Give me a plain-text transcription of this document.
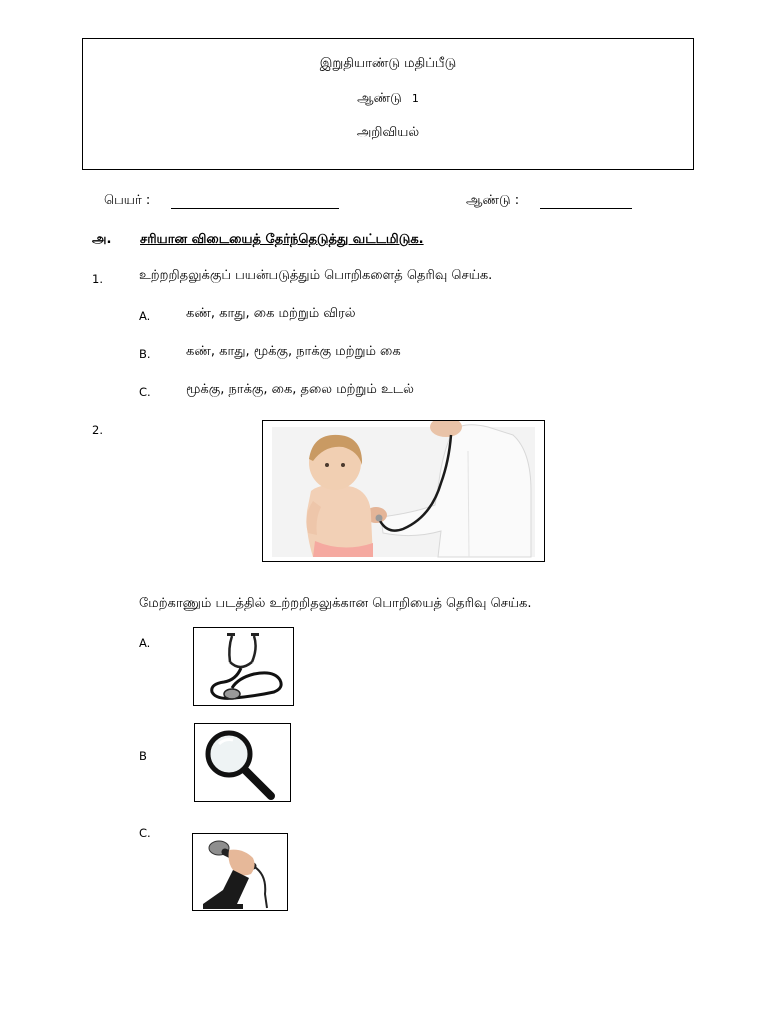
இறுதியாண்டு மதிப்பீடு
ஆண்டு 1
அறிவியல்
பெயர் :	ஆண்டு :
அ. சரியான விடையைத் தேர்ந்தெடுத்து வட்டமிடுக.
1.	உற்றறிதலுக்குப் பயன்படுத்தும் பொறிகளைத் தெரிவு செய்க.
A.	கண், காது, கை மற்றும் விரல்
B.	கண், காது, மூக்கு, நாக்கு மற்றும் கை
C.	மூக்கு, நாக்கு, கை, தலை மற்றும் உடல்
2.
மேற்காணும் படத்தில் உற்றறிதலுக்கான பொறியைத் தெரிவு செய்க.
A.
B
C.
